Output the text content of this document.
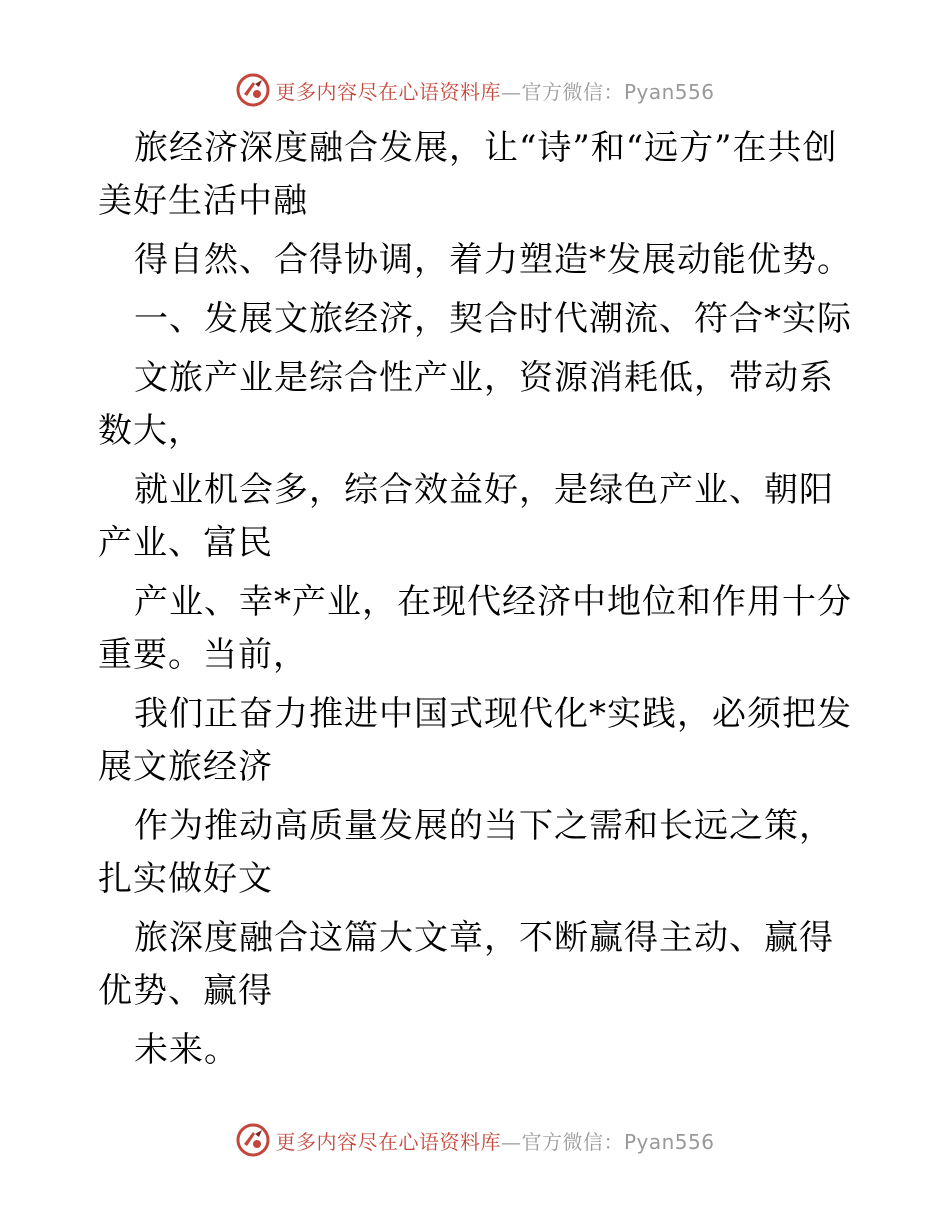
更多内容尽在心语资料库—官方微信：Pyan556

旅经济深度融合发展，让“诗”和“远方”在共创美好生活中融

得自然、合得协调，着力塑造*发展动能优势。

一、发展文旅经济，契合时代潮流、符合*实际

文旅产业是综合性产业，资源消耗低，带动系数大，

就业机会多，综合效益好，是绿色产业、朝阳产业、富民

产业、幸*产业，在现代经济中地位和作用十分重要。当前，

我们正奋力推进中国式现代化*实践，必须把发展文旅经济

作为推动高质量发展的当下之需和长远之策，扎实做好文

旅深度融合这篇大文章，不断赢得主动、赢得优势、赢得

未来。

更多内容尽在心语资料库—官方微信：Pyan556
